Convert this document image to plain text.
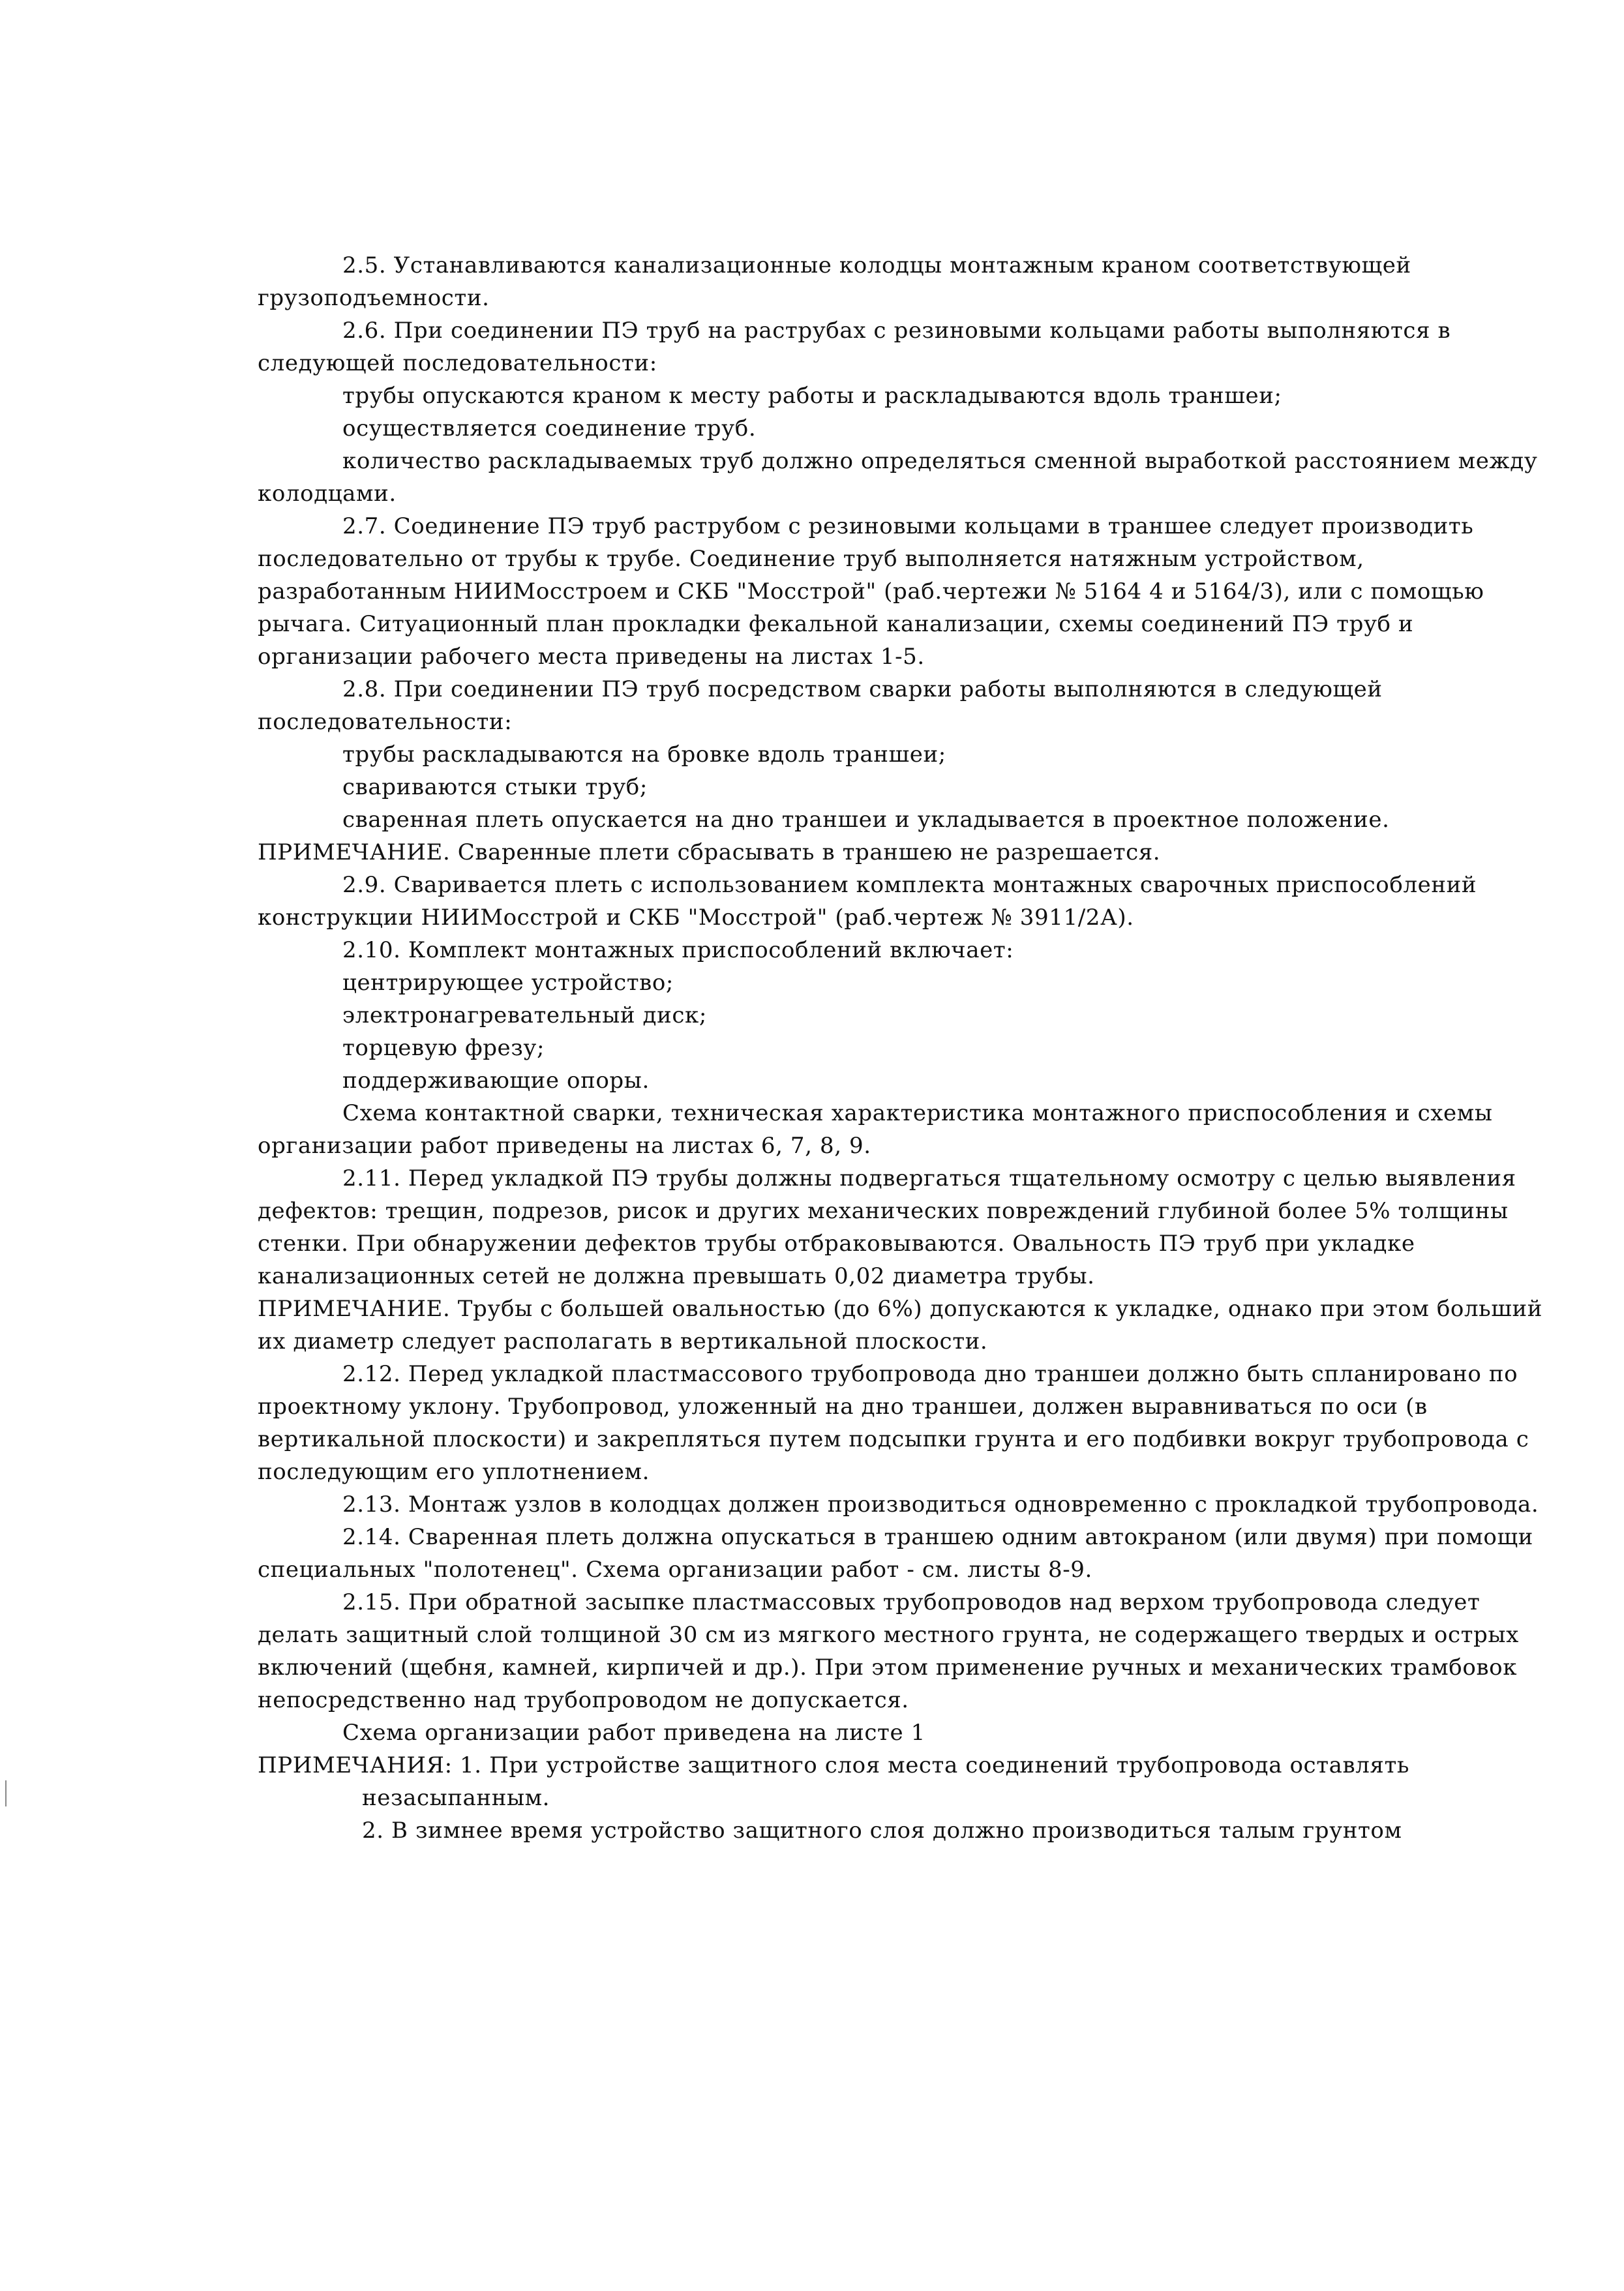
2.5. Устанавливаются канализационные колодцы монтажным краном соответствующей грузоподъемности.

2.6. При соединении ПЭ труб на раструбах с резиновыми кольцами работы выполняются в следующей последовательности:

трубы опускаются краном к месту работы и раскладываются вдоль траншеи;

осуществляется соединение труб.

количество раскладываемых труб должно определяться сменной выработкой расстоянием между колодцами.

2.7. Соединение ПЭ труб раструбом с резиновыми кольцами в траншее следует производить последовательно от трубы к трубе. Соединение труб выполняется натяжным устройством, разработанным НИИМосстроем и СКБ "Мосстрой" (раб.чертежи № 5164 4 и 5164/3), или с помощью рычага. Ситуационный план прокладки фекальной канализации, схемы соединений ПЭ труб и организации рабочего места приведены на листах 1-5.

2.8. При соединении ПЭ труб посредством сварки работы выполняются в следующей последовательности:

трубы раскладываются на бровке вдоль траншеи;

свариваются стыки труб;

сваренная плеть опускается на дно траншеи и укладывается в проектное положение.

ПРИМЕЧАНИЕ. Сваренные плети сбрасывать в траншею не разрешается.

2.9. Сваривается плеть с использованием комплекта монтажных сварочных приспособлений конструкции НИИМосстрой и СКБ "Мосстрой" (раб.чертеж № 3911/2А).

2.10. Комплект монтажных приспособлений включает:

центрирующее устройство;

электронагревательный диск;

торцевую фрезу;

поддерживающие опоры.

Схема контактной сварки, техническая характеристика монтажного приспособления и схемы организации работ приведены на листах 6, 7, 8, 9.

2.11. Перед укладкой ПЭ трубы должны подвергаться тщательному осмотру с целью выявления дефектов: трещин, подрезов, рисок и других механических повреждений глубиной более 5% толщины стенки. При обнаружении дефектов трубы отбраковываются. Овальность ПЭ труб при укладке канализационных сетей не должна превышать 0,02 диаметра трубы.

ПРИМЕЧАНИЕ. Трубы с большей овальностью (до 6%) допускаются к укладке, однако при этом больший их диаметр следует располагать в вертикальной плоскости.

2.12. Перед укладкой пластмассового трубопровода дно траншеи должно быть спланировано по проектному уклону. Трубопровод, уложенный на дно траншеи, должен выравниваться по оси (в вертикальной плоскости) и закрепляться путем подсыпки грунта и его подбивки вокруг трубопровода с последующим его уплотнением.

2.13. Монтаж узлов в колодцах должен производиться одновременно с прокладкой трубопровода.

2.14. Сваренная плеть должна опускаться в траншею одним автокраном (или двумя) при помощи специальных "полотенец". Схема организации работ - см. листы 8-9.

2.15. При обратной засыпке пластмассовых трубопроводов над верхом трубопровода следует делать защитный слой толщиной 30 см из мягкого местного грунта, не содержащего твердых и острых включений (щебня, камней, кирпичей и др.). При этом применение ручных и механических трамбовок непосредственно над трубопроводом не допускается.

Схема организации работ приведена на листе 1

ПРИМЕЧАНИЯ: 1. При устройстве защитного слоя места соединений трубопровода оставлять незасыпанным.

2. В зимнее время устройство защитного слоя должно производиться талым грунтом
